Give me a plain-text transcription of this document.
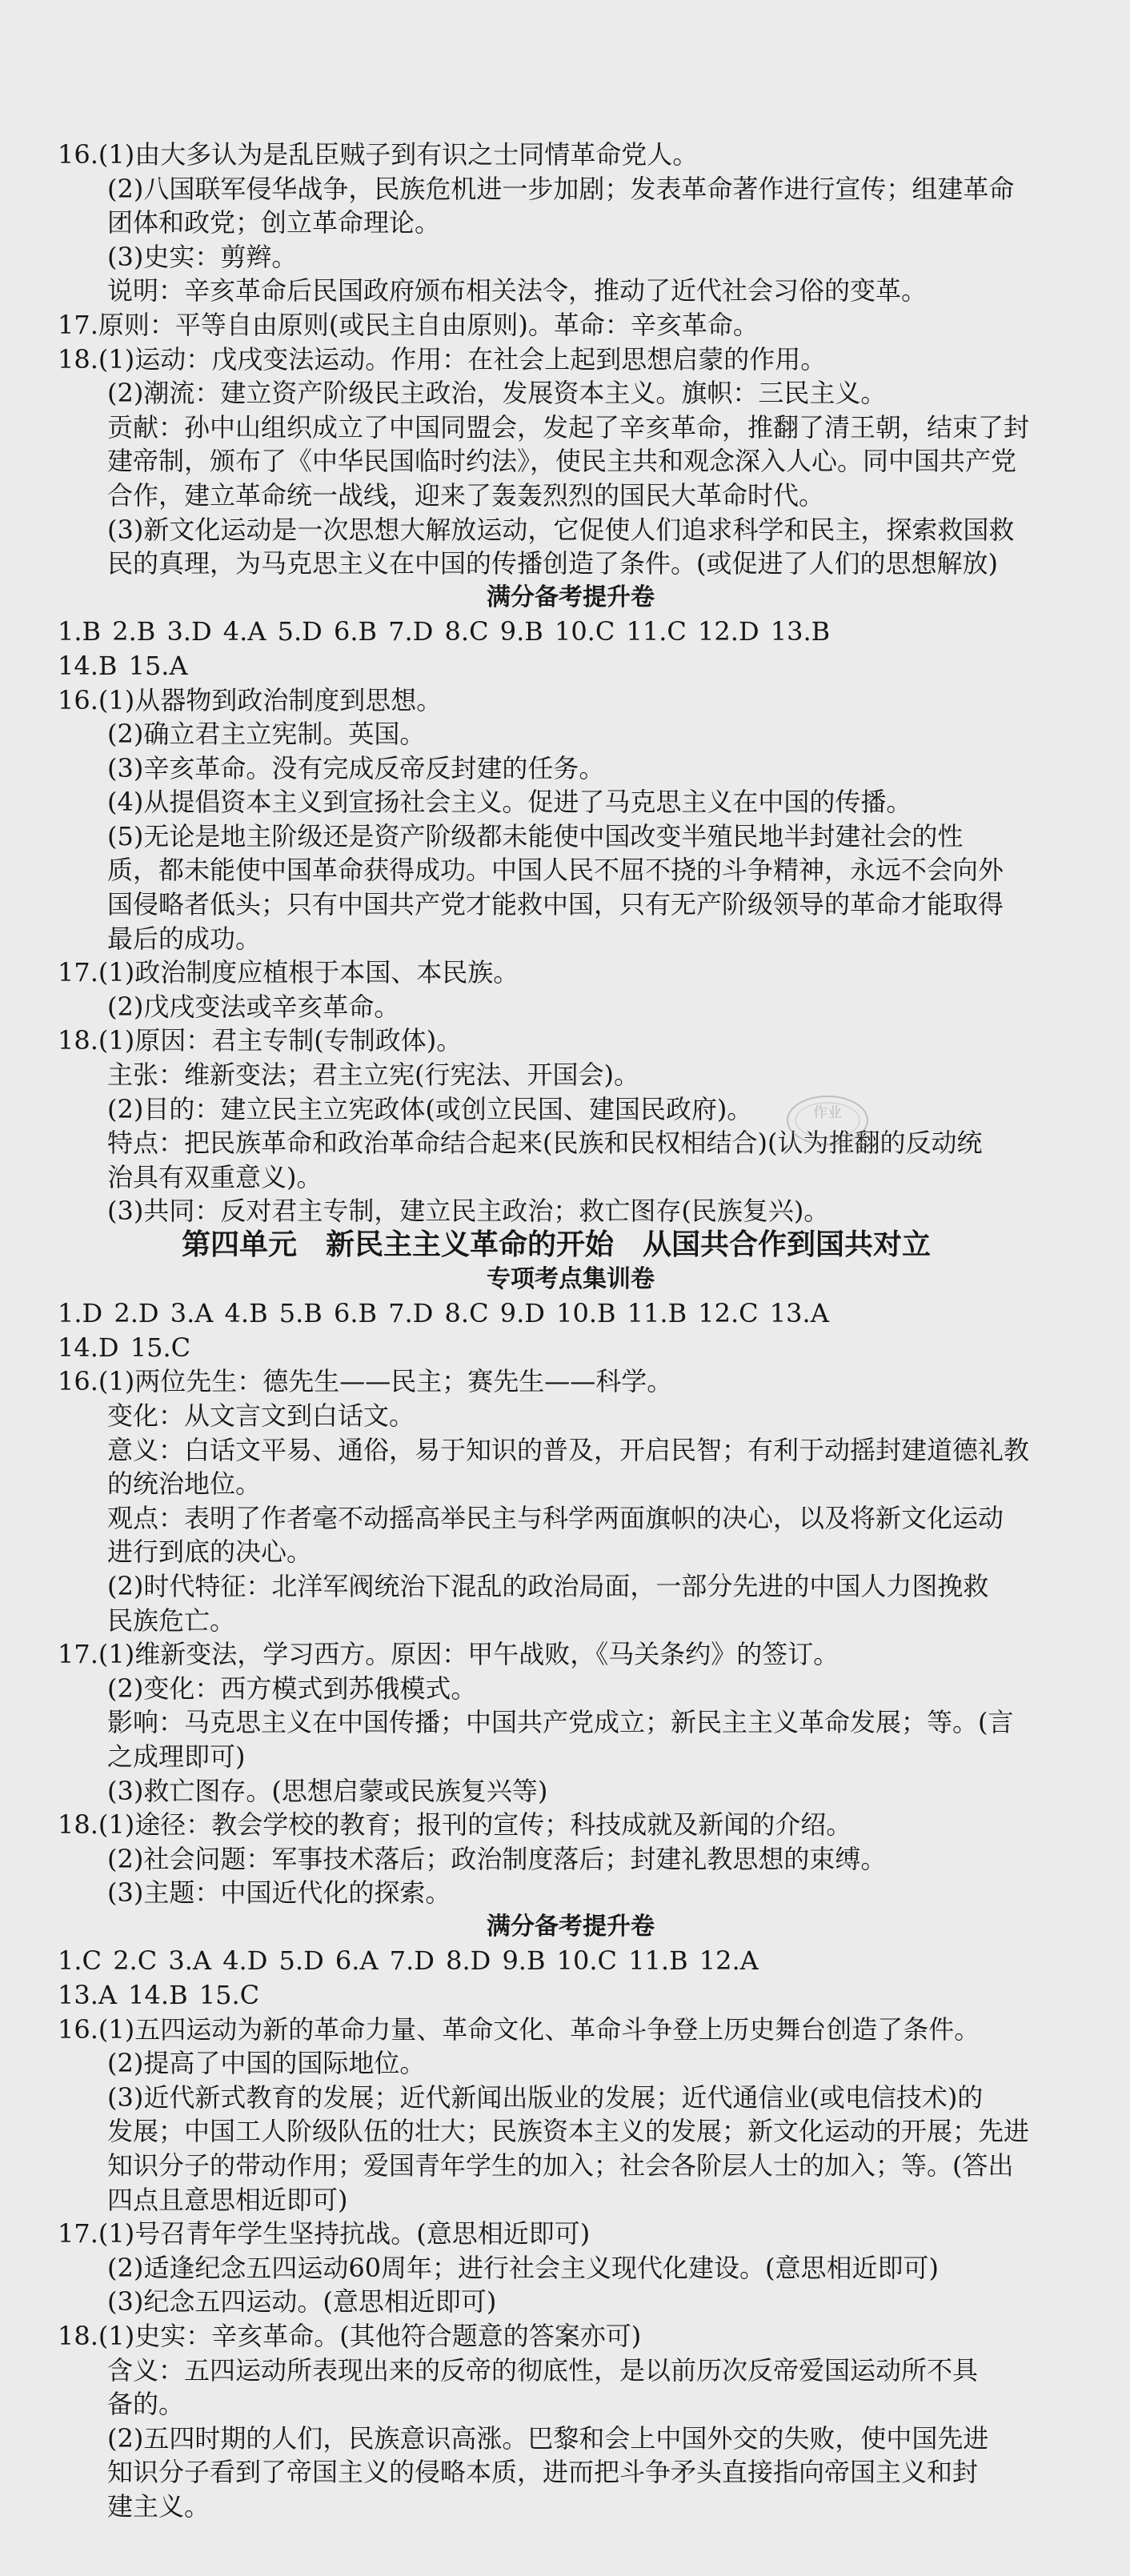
16.(1)由大多认为是乱臣贼子到有识之士同情革命党人。
(2)八国联军侵华战争，民族危机进一步加剧；发表革命著作进行宣传；组建革命
团体和政党；创立革命理论。
(3)史实：剪辫。
说明：辛亥革命后民国政府颁布相关法令，推动了近代社会习俗的变革。
17.原则：平等自由原则(或民主自由原则)。革命：辛亥革命。
18.(1)运动：戊戌变法运动。作用：在社会上起到思想启蒙的作用。
(2)潮流：建立资产阶级民主政治，发展资本主义。旗帜：三民主义。
贡献：孙中山组织成立了中国同盟会，发起了辛亥革命，推翻了清王朝，结束了封
建帝制，颁布了《中华民国临时约法》，使民主共和观念深入人心。同中国共产党
合作，建立革命统一战线，迎来了轰轰烈烈的国民大革命时代。
(3)新文化运动是一次思想大解放运动，它促使人们追求科学和民主，探索救国救
民的真理，为马克思主义在中国的传播创造了条件。(或促进了人们的思想解放)
满分备考提升卷
1.B 2.B 3.D 4.A 5.D 6.B 7.D 8.C 9.B 10.C 11.C 12.D 13.B
14.B 15.A
16.(1)从器物到政治制度到思想。
(2)确立君主立宪制。英国。
(3)辛亥革命。没有完成反帝反封建的任务。
(4)从提倡资本主义到宣扬社会主义。促进了马克思主义在中国的传播。
(5)无论是地主阶级还是资产阶级都未能使中国改变半殖民地半封建社会的性
质，都未能使中国革命获得成功。中国人民不屈不挠的斗争精神，永远不会向外
国侵略者低头；只有中国共产党才能救中国，只有无产阶级领导的革命才能取得
最后的成功。
17.(1)政治制度应植根于本国、本民族。
(2)戊戌变法或辛亥革命。
18.(1)原因：君主专制(专制政体)。
主张：维新变法；君主立宪(行宪法、开国会)。
(2)目的：建立民主立宪政体(或创立民国、建国民政府)。
特点：把民族革命和政治革命结合起来(民族和民权相结合)(认为推翻的反动统
治具有双重意义)。
(3)共同：反对君主专制，建立民主政治；救亡图存(民族复兴)。
第四单元　新民主主义革命的开始　从国共合作到国共对立
专项考点集训卷
1.D 2.D 3.A 4.B 5.B 6.B 7.D 8.C 9.D 10.B 11.B 12.C 13.A
14.D 15.C
16.(1)两位先生：德先生——民主；赛先生——科学。
变化：从文言文到白话文。
意义：白话文平易、通俗，易于知识的普及，开启民智；有利于动摇封建道德礼教
的统治地位。
观点：表明了作者毫不动摇高举民主与科学两面旗帜的决心，以及将新文化运动
进行到底的决心。
(2)时代特征：北洋军阀统治下混乱的政治局面，一部分先进的中国人力图挽救
民族危亡。
17.(1)维新变法，学习西方。原因：甲午战败，《马关条约》的签订。
(2)变化：西方模式到苏俄模式。
影响：马克思主义在中国传播；中国共产党成立；新民主主义革命发展；等。(言
之成理即可)
(3)救亡图存。(思想启蒙或民族复兴等)
18.(1)途径：教会学校的教育；报刊的宣传；科技成就及新闻的介绍。
(2)社会问题：军事技术落后；政治制度落后；封建礼教思想的束缚。
(3)主题：中国近代化的探索。
满分备考提升卷
1.C 2.C 3.A 4.D 5.D 6.A 7.D 8.D 9.B 10.C 11.B 12.A
13.A 14.B 15.C
16.(1)五四运动为新的革命力量、革命文化、革命斗争登上历史舞台创造了条件。
(2)提高了中国的国际地位。
(3)近代新式教育的发展；近代新闻出版业的发展；近代通信业(或电信技术)的
发展；中国工人阶级队伍的壮大；民族资本主义的发展；新文化运动的开展；先进
知识分子的带动作用；爱国青年学生的加入；社会各阶层人士的加入；等。(答出
四点且意思相近即可)
17.(1)号召青年学生坚持抗战。(意思相近即可)
(2)适逢纪念五四运动60周年；进行社会主义现代化建设。(意思相近即可)
(3)纪念五四运动。(意思相近即可)
18.(1)史实：辛亥革命。(其他符合题意的答案亦可)
含义：五四运动所表现出来的反帝的彻底性，是以前历次反帝爱国运动所不具
备的。
(2)五四时期的人们，民族意识高涨。巴黎和会上中国外交的失败，使中国先进
知识分子看到了帝国主义的侵略本质，进而把斗争矛头直接指向帝国主义和封
建主义。
作业
